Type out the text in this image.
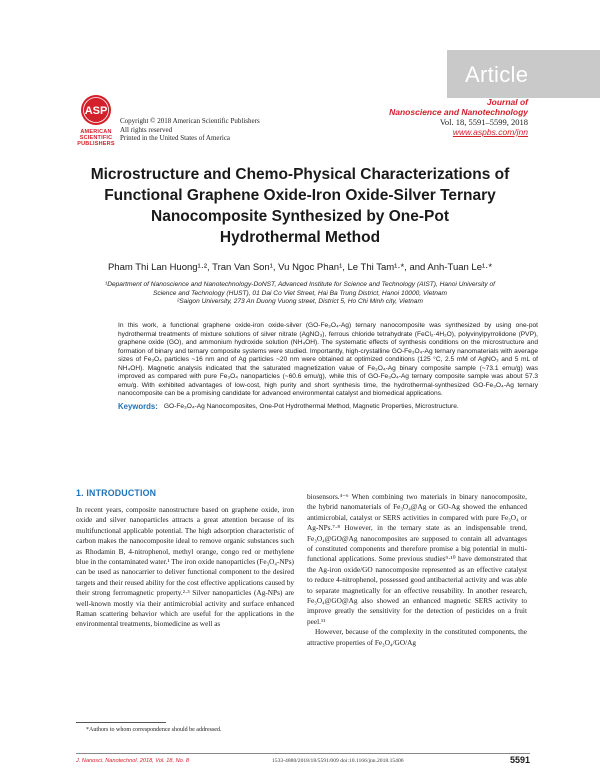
Article
ASP
AMERICAN
SCIENTIFIC
PUBLISHERS
Copyright © 2018 American Scientific Publishers
All rights reserved
Printed in the United States of America
Journal of
Nanoscience and Nanotechnology
Vol. 18, 5591–5599, 2018
www.aspbs.com/jnn
Microstructure and Chemo-Physical Characterizations of
Functional Graphene Oxide-Iron Oxide-Silver Ternary
Nanocomposite Synthesized by One-Pot
Hydrothermal Method
Pham Thi Lan Huong¹·², Tran Van Son¹, Vu Ngoc Phan¹, Le Thi Tam¹·*, and Anh-Tuan Le¹·*
¹Department of Nanoscience and Nanotechnology-DoNST, Advanced Institute for Science and Technology (AIST), Hanoi University of
Science and Technology (HUST), 01 Dai Co Viet Street, Hai Ba Trung District, Hanoi 10000, Vietnam
²Saigon University, 273 An Duong Vuong street, District 5, Ho Chi Minh city, Vietnam

In this work, a functional graphene oxide-iron oxide-silver (GO-Fe₃O₄-Ag) ternary nanocomposite was synthesized by using one-pot hydrothermal treatments of mixture solutions of silver nitrate (AgNO₃), ferrous chloride tetrahydrate (FeCl₂·4H₂O), polyvinylpyrrolidone (PVP), graphene oxide (GO), and ammonium hydroxide solution (NH₄OH). The systematic effects of synthesis conditions on the microstructure and formation of binary and ternary composite systems were studied. Importantly, high-crystalline GO-Fe₃O₄-Ag ternary nanomaterials with average sizes of Fe₃O₄ particles ~16 nm and of Ag particles ~20 nm were obtained at optimized conditions (125 °C, 2.5 mM of AgNO₃ and 5 mL of NH₄OH). Magnetic analysis indicated that the saturated magnetization value of Fe₃O₄-Ag binary composite sample (~73.1 emu/g) was improved as compared with pure Fe₃O₄ nanoparticles (~60.6 emu/g), while this of GO-Fe₃O₄-Ag ternary composite sample was about 57.3 emu/g. With exhibited advantages of low-cost, high purity and short synthesis time, the hydrothermal-synthesized GO-Fe₃O₄-Ag ternary nanocomposite can be a promising candidate for advanced environmental catalyst and biomedical applications.

Keywords: GO-Fe₃O₄-Ag Nanocomposites, One-Pot Hydrothermal Method, Magnetic Properties, Microstructure.
1. INTRODUCTION

In recent years, composite nanostructure based on graphene oxide, iron oxide and silver nanoparticles attracts a great attention because of its multifunctional applicable potential. The high adsorption characteristic of carbon makes the nanocomposite ideal to remove organic substances such as Rhodamin B, 4-nitrophenol, methyl orange, congo red or methylene blue in the contaminated water.¹ The iron oxide nanoparticles (Fe₃O₄-NPs) can be used as nanocarrier to deliver functional component to the desired targets and their reused ability for the cost effective applications caused by their strong ferromagnetic property.²·³ Silver nanoparticles (Ag-NPs) are well-known mostly via their antimicrobial activity and surface enhanced Raman scattering behavior which are useful for the applications in the environmental treatments, biomedicine as well as

biosensors.⁴⁻⁶ When combining two materials in binary nanocomposite, the hybrid nanomaterials of Fe₃O₄@Ag or GO-Ag showed the enhanced antimicrobial, catalyst or SERS activities in compared with pure Fe₃O₄ or Ag-NPs.⁷·⁸ However, in the ternary state as an indispensable trend, Fe₃O₄@GO@Ag nanocomposites are supposed to contain all advantages of constituted components and therefore promise a big potential in multi-functional applications. Some previous studies⁹·¹⁰ have demonstrated that the Ag-iron oxide/GO nanocomposite represented as an effective catalyst to reduce 4-nitrophenol, possessed good antibacterial activity and was able to separate magnetically for an effective reusability. In another research, Fe₃O₄@GO@Ag also showed an enhanced magnetic SERS activity to improve greatly the sensitivity for the detection of pesticides on a fruit peel.¹¹

However, because of the complexity in the constituted components, the attractive properties of Fe₃O₄/GO/Ag

*Authors to whom correspondence should be addressed.
J. Nanosci. Nanotechnol. 2018, Vol. 18, No. 8	1533-4880/2018/18/5591/009 doi:10.1166/jnn.2018.15406	5591
